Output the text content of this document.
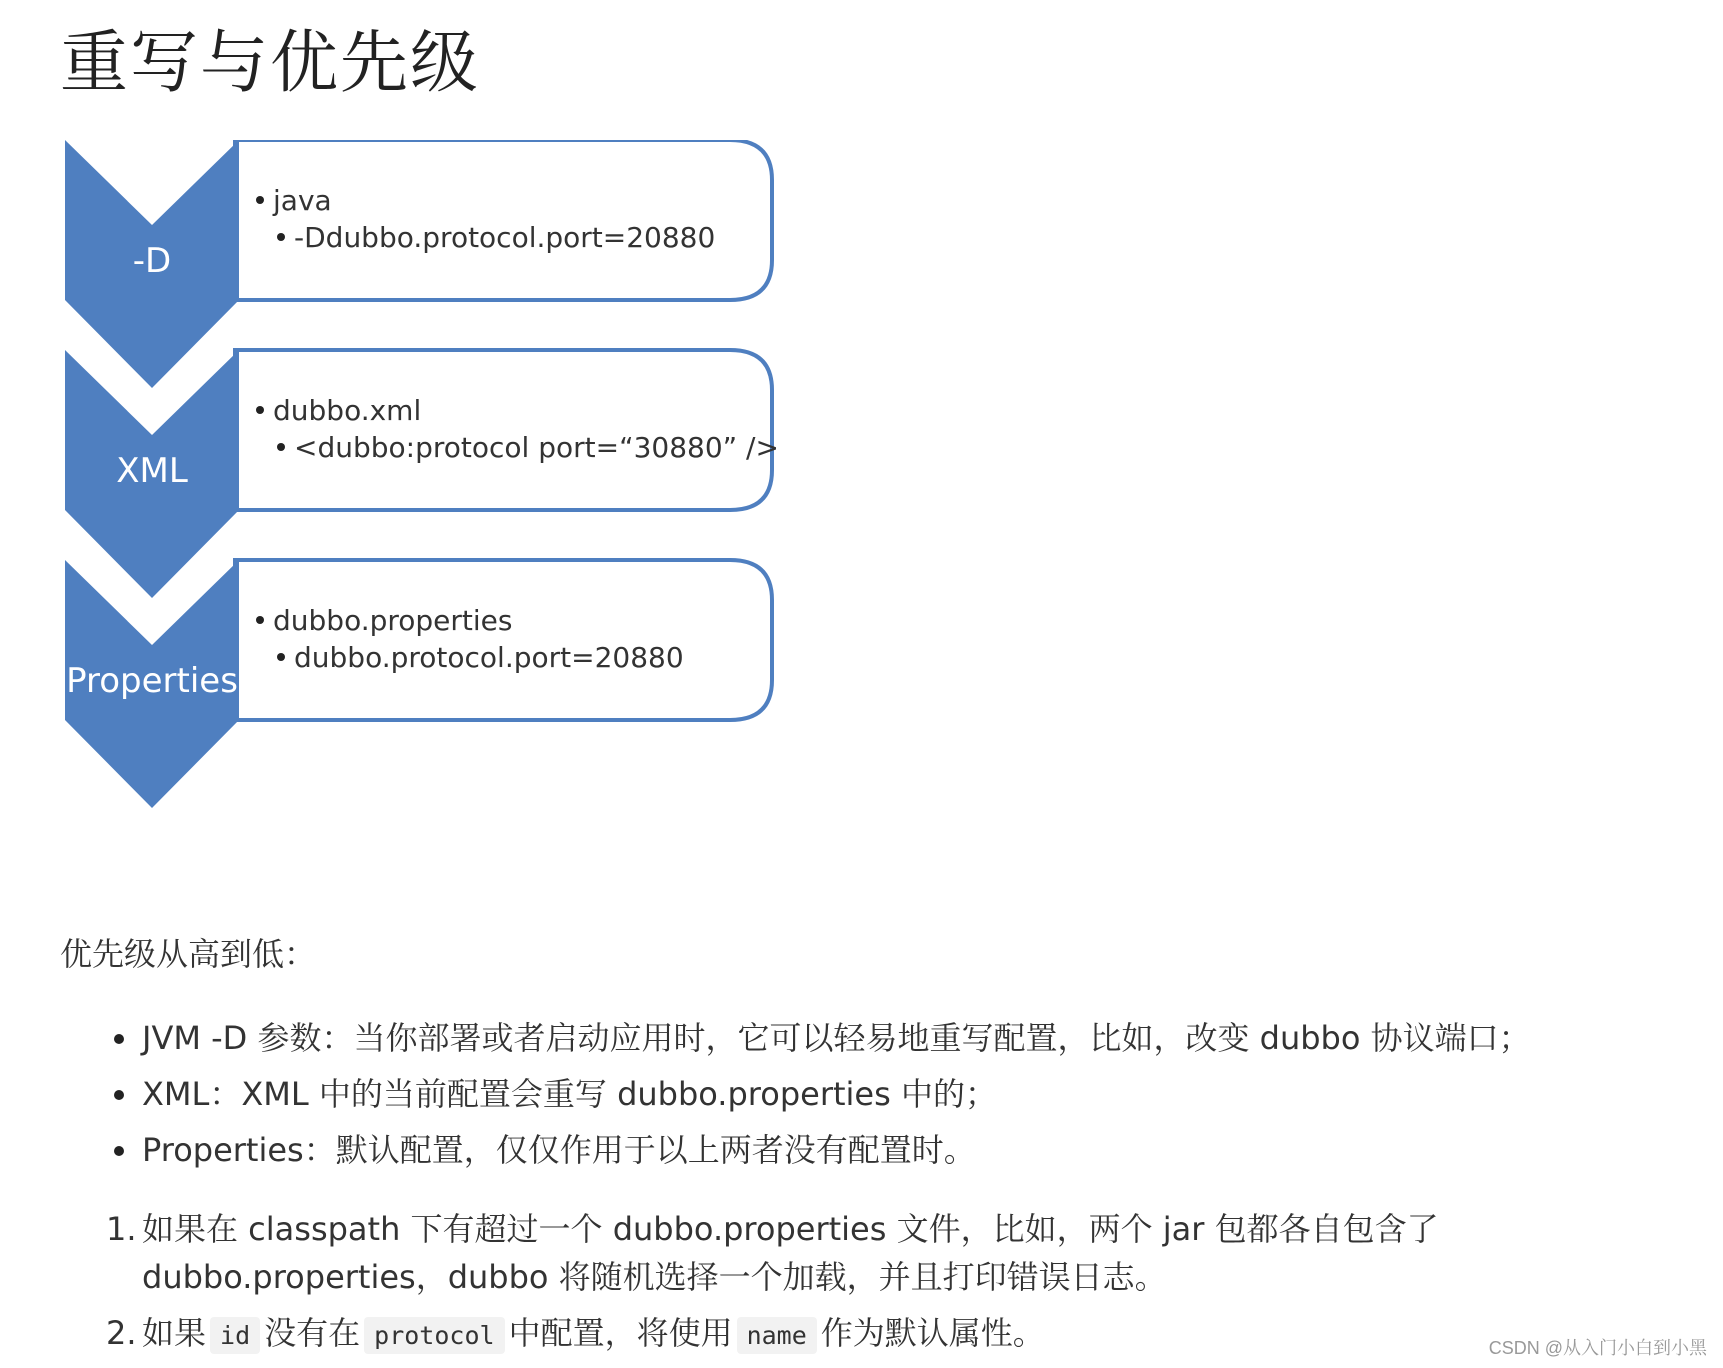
重写与优先级
-D
XML
Properties
java
-Ddubbo.protocol.port=20880
dubbo.xml
<dubbo:protocol port=“30880” />
dubbo.properties
dubbo.protocol.port=20880

优先级从高到低：

JVM -D 参数：当你部署或者启动应用时，它可以轻易地重写配置，比如，改变 dubbo 协议端口；
XML：XML 中的当前配置会重写 dubbo.properties 中的；
Properties：默认配置，仅仅作用于以上两者没有配置时。
1. 如果在 classpath 下有超过一个 dubbo.properties 文件，比如，两个 jar 包都各自包含了 dubbo.properties，dubbo 将随机选择一个加载，并且打印错误日志。
2. 如果 id 没有在 protocol 中配置，将使用 name 作为默认属性。	CSDN @从入门小白到小黑
